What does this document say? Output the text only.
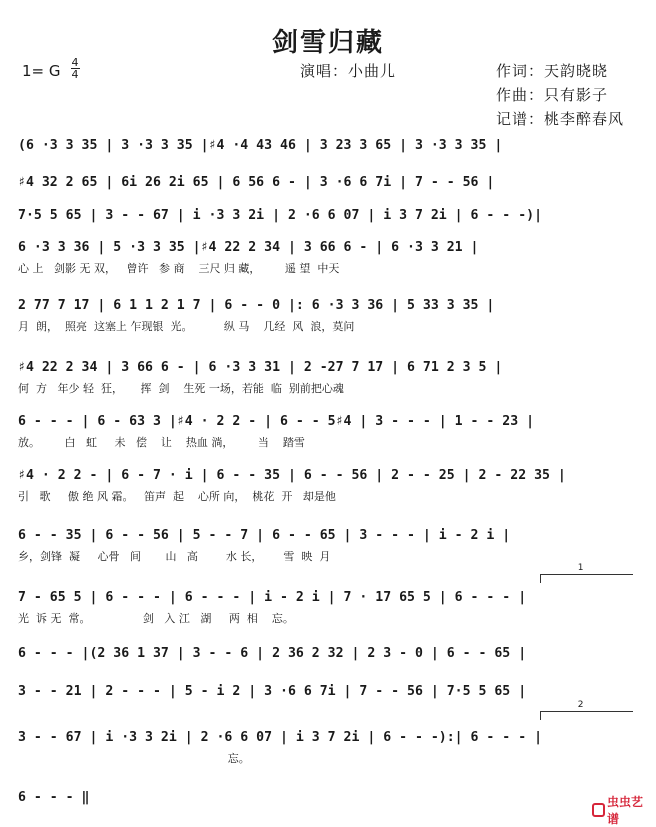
剑雪归藏
1= G 4
4	演唱：小曲儿	作词：天韵晓晓
作曲：只有影子
记谱：桃李醉春风
(6 ·3 3 35 | 3 ·3 3 35 |♯4 ·4 43 46 | 3 23 3 65 | 3 ·3 3 35 |
♯4 32 2 65 | 6i 26 2i 65 | 6 56 6 - | 3 ·6 6 7i | 7 - - 56 |
7·5 5 65 | 3 - - 67 | i ·3 3 2i | 2 ·6 6 07 | i 3 7 2i | 6 - - -)|
6 ·3 3 36 | 5 ·3 3 35 |♯4 22 2 34 | 3 66 6 - | 6 ·3 3 21 |
心 上   剑影 无 双，   曾许   参 商    三尺 归 藏，       遥 望  中天
2 77 7 17 | 6 1 1 2 1 7 | 6 - - 0 |: 6 ·3 3 36 | 5 33 3 35 |
月  朗，  照亮  这塞上 乍现银  光。         纵 马    几经  风  浪，莫问
♯4 22 2 34 | 3 66 6 - | 6 ·3 3 31 | 2 -27 7 17 | 6 71 2 3 5 |
何  方   年少 轻  狂，     挥  剑    生死 一场，若能  临  别前把心魂
6 - - - | 6 - 63 3 |♯4 · 2 2 - | 6 - - 5♯4 | 3 - - - | 1 - - 23 |
放。       白   虹     未   偿    让    热血 淌，       当    踏雪
♯4 · 2 2 - | 6 - 7 · i | 6 - - 35 | 6 - - 56 | 2 - - 25 | 2 - 22 35 |
引   歌     傲 绝 风 霜。   笛声  起    心所 向，  桃花  开   却是他
6 - - 35 | 6 - - 56 | 5 - - 7 | 6 - - 65 | 3 - - - | i - 2 i |
乡，剑锋  凝     心骨   间       山   高        水 长，      雪  映  月
1
7 - 65 5 | 6 - - - | 6 - - - | i - 2 i | 7 · 17 65 5 | 6 - - - |
光  诉 无  常。               剑   入 江   湖     两  相    忘。
6 - - - |(2 36 1 37 | 3 - - 6 | 2 36 2 32 | 2 3 - 0 | 6 - - 65 |
3 - - 21 | 2 - - - | 5 - i 2 | 3 ·6 6 7i | 7 - - 56 | 7·5 5 65 |
2
3 - - 67 | i ·3 3 2i | 2 ·6 6 07 | i 3 7 2i | 6 - - -):| 6 - - - |
忘。
6 - - - ‖	虫虫艺谱
